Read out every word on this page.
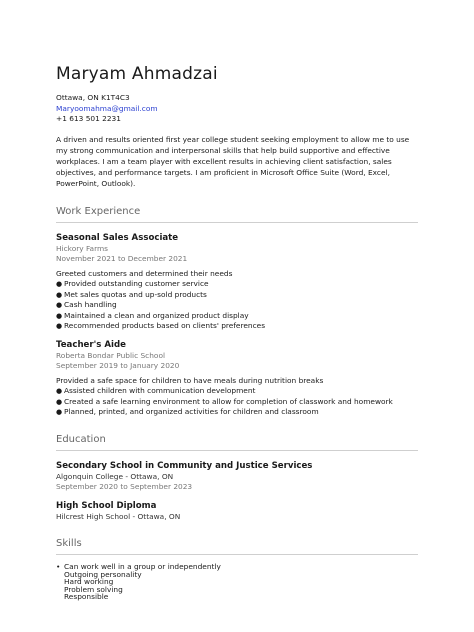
Maryam Ahmadzai
Ottawa, ON K1T4C3
Maryoomahma@gmail.com
+1 613 501 2231
A driven and results oriented first year college student seeking employment to allow me to use my strong communication and interpersonal skills that help build supportive and effective workplaces. I am a team player with excellent results in achieving client satisfaction, sales objectives, and performance targets. I am proficient in Microsoft Office Suite (Word, Excel, PowerPoint, Outlook).
Work Experience
Seasonal Sales Associate
Hickory Farms
November 2021 to December 2021
Greeted customers and determined their needs
● Provided outstanding customer service
● Met sales quotas and up-sold products
● Cash handling
● Maintained a clean and organized product display
● Recommended products based on clients' preferences
Teacher's Aide
Roberta Bondar Public School
September 2019 to January 2020
Provided a safe space for children to have meals during nutrition breaks
● Assisted children with communication development
● Created a safe learning environment to allow for completion of classwork and homework
● Planned, printed, and organized activities for children and classroom
Education
Secondary School in Community and Justice Services
Algonquin College - Ottawa, ON
September 2020 to September 2023
High School Diploma
Hilcrest High School - Ottawa, ON
Skills
• Can work well in a group or independently
Outgoing personality
Hard working
Problem solving
Responsible
